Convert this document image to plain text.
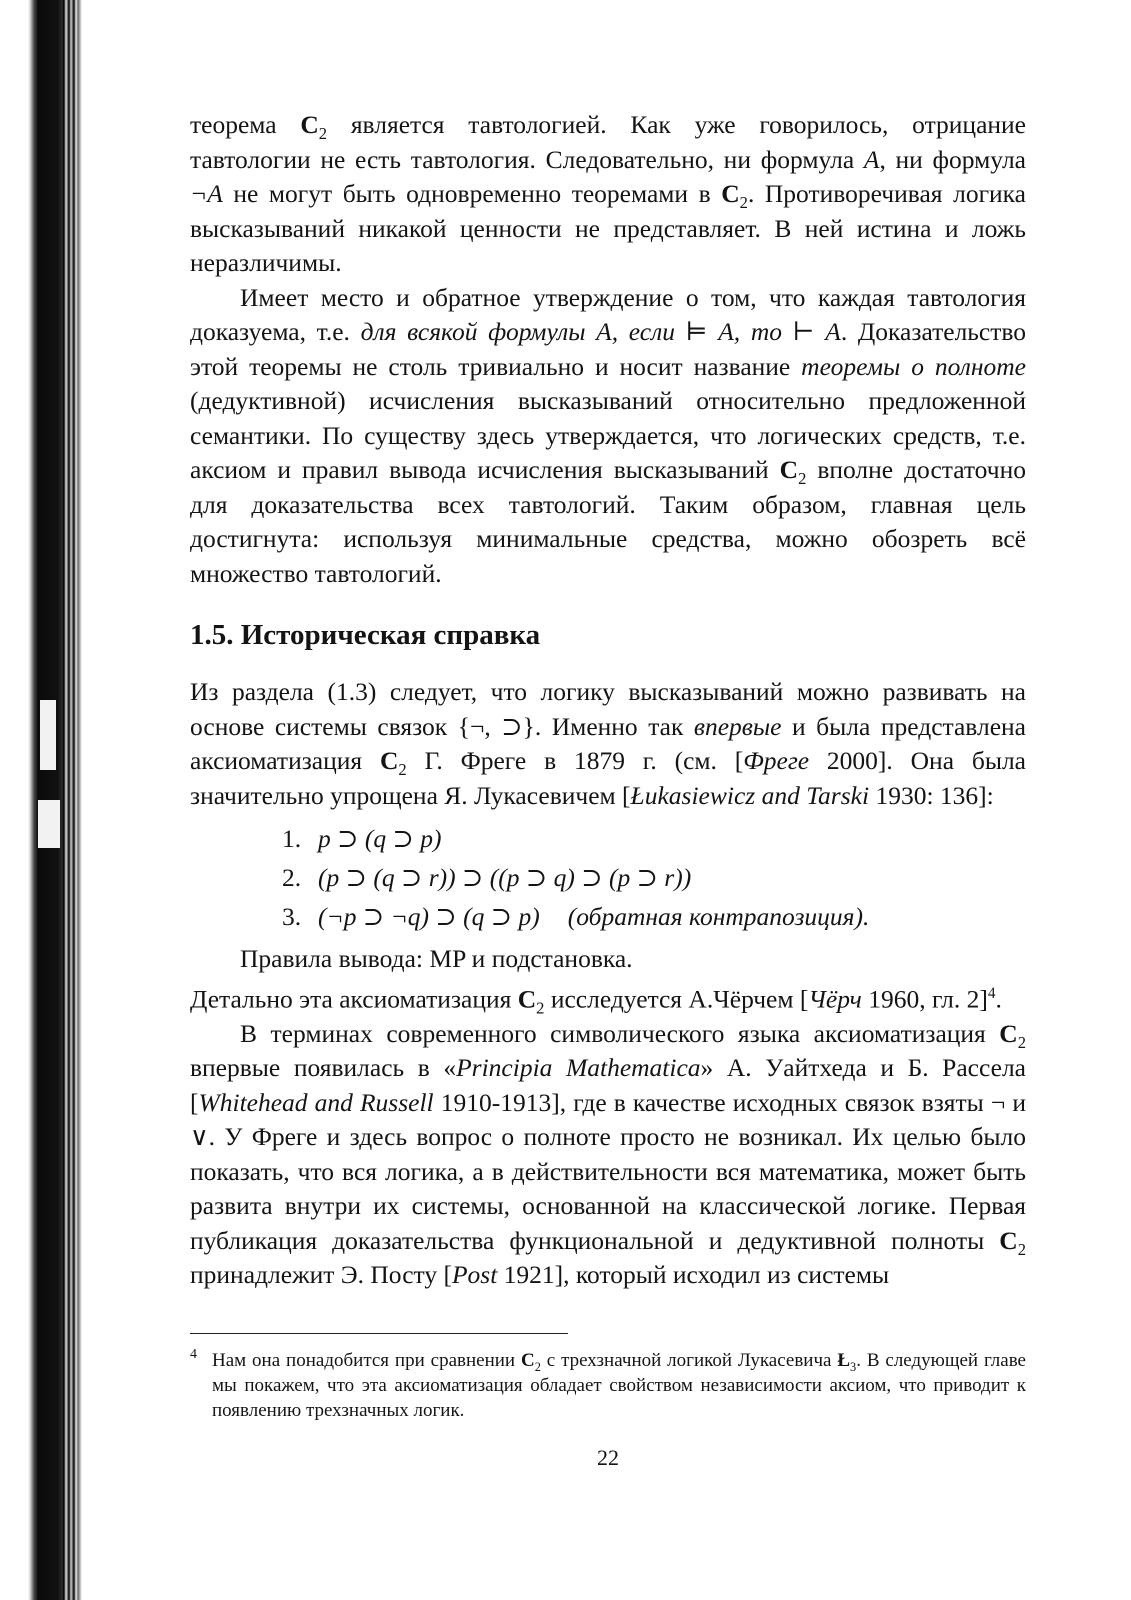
теорема $C_2$ является тавтологией. Как уже говорилось, отрицание тавтологии не есть тавтология. Следовательно, ни формула A, ни формула ¬A не могут быть одновременно теоремами в $C_2$. Противоречивая логика высказываний никакой ценности не представляет. В ней истина и ложь неразличимы.

Имеет место и обратное утверждение о том, что каждая тавтология доказуема, т.е. для всякой формулы A, если ⊨ A, то ⊢ A. Доказательство этой теоремы не столь тривиально и носит название теоремы о полноте (дедуктивной) исчисления высказываний относительно предложенной семантики. По существу здесь утверждается, что логических средств, т.е. аксиом и правил вывода исчисления высказываний $C_2$ вполне достаточно для доказательства всех тавтологий. Таким образом, главная цель достигнута: используя минимальные средства, можно обозреть всё множество тавтологий.

1.5. Историческая справка

Из раздела (1.3) следует, что логику высказываний можно развивать на основе системы связок {¬, ⊃}. Именно так впервые и была представлена аксиоматизация $C_2$ Г. Фреге в 1879 г. (см. [Фреге 2000]. Она была значительно упрощена Я. Лукасевичем [Łukasiewicz and Tarski 1930: 136]:

1. p ⊃ (q ⊃ p)
2. (p ⊃ (q ⊃ r)) ⊃ ((p ⊃ q) ⊃ (p ⊃ r))
3. (¬p ⊃ ¬q) ⊃ (q ⊃ p) (обратная контрапозиция).

Правила вывода: MP и подстановка.

Детально эта аксиоматизация $C_2$ исследуется А.Чёрчем [Чёрч 1960, гл. 2]$^4$.

В терминах современного символического языка аксиоматизация $C_2$ впервые появилась в «Principia Mathematica» А. Уайтхеда и Б. Рассела [Whitehead and Russell 1910-1913], где в качестве исходных связок взяты ¬ и ∨. У Фреге и здесь вопрос о полноте просто не возникал. Их целью было показать, что вся логика, а в действительности вся математика, может быть развита внутри их системы, основанной на классической логике. Первая публикация доказательства функциональной и дедуктивной полноты $C_2$ принадлежит Э. Посту [Post 1921], который исходил из системы

4 Нам она понадобится при сравнении $C_2$ с трехзначной логикой Лукасевича $Ł_3$. В следующей главе мы покажем, что эта аксиоматизация обладает свойством независимости аксиом, что приводит к появлению трехзначных логик.
22
